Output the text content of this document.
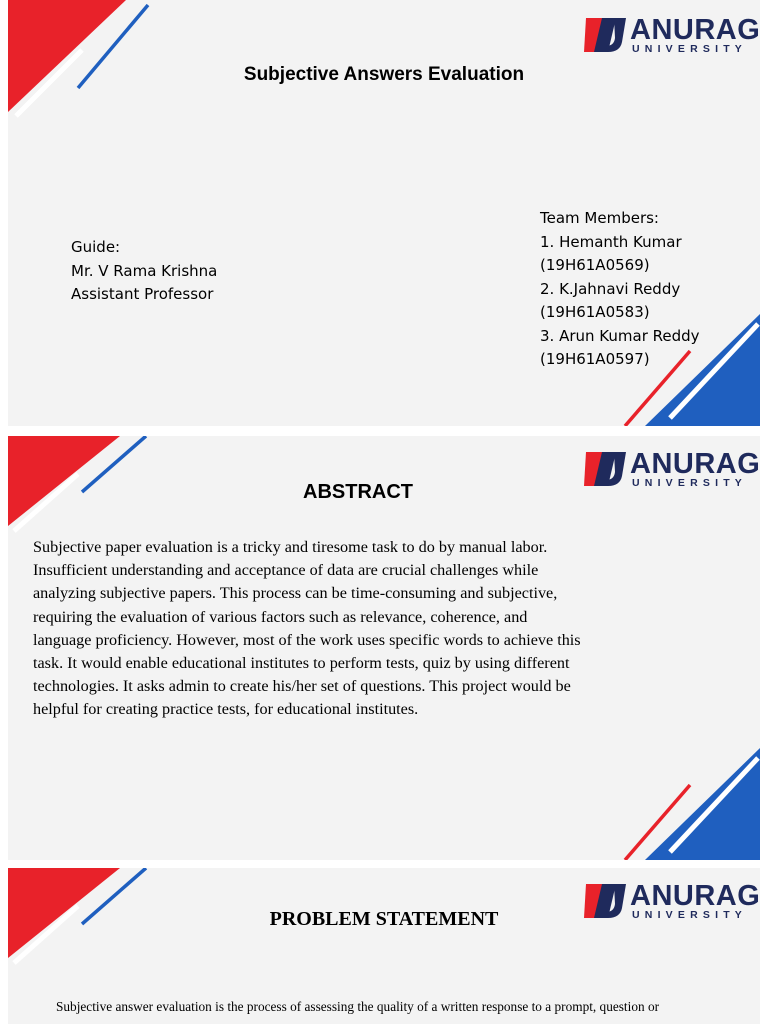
ANURAG
UNIVERSITY
Subjective Answers Evaluation
Guide:
Mr. V Rama Krishna
Assistant Professor
Team Members:
1. Hemanth Kumar
(19H61A0569)
2. K.Jahnavi Reddy
(19H61A0583)
3. Arun Kumar Reddy
(19H61A0597)
ANURAG
UNIVERSITY
ABSTRACT
Subjective paper evaluation is a tricky and tiresome task to do by manual labor.
Insufficient understanding and acceptance of data are crucial challenges while
analyzing subjective papers. This process can be time-consuming and subjective,
requiring the evaluation of various factors such as relevance, coherence, and
language proficiency. However, most of the work uses specific words to achieve this
task. It would enable educational institutes to perform tests, quiz by using different
technologies. It asks admin to create his/her set of questions. This project would be
helpful for creating practice tests, for educational institutes.
ANURAG
UNIVERSITY
PROBLEM STATEMENT
Subjective answer evaluation is the process of assessing the quality of a written response to a prompt, question or
